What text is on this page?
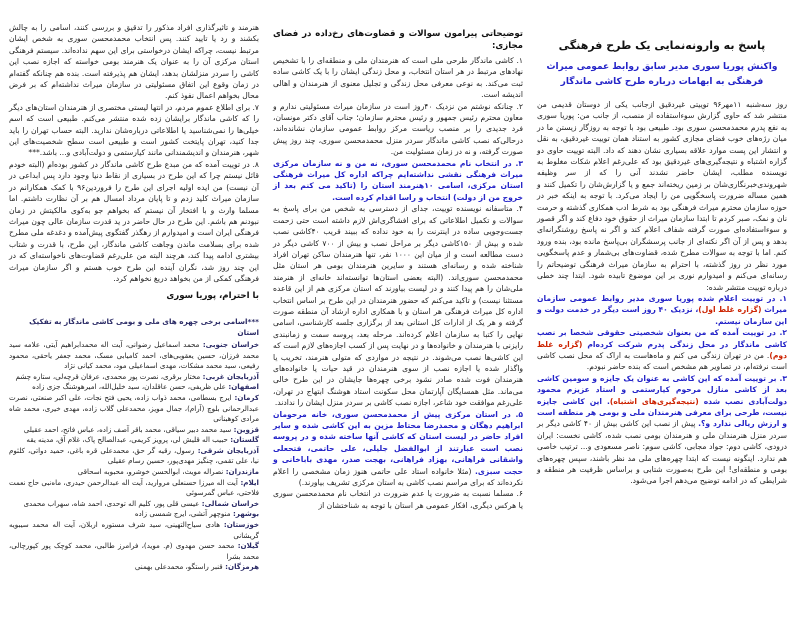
پاسخ به وارونه‌نمایی یک طرح فرهنگی
واکنش پوریا سوری مدیر سابق روابط عمومی میراث فرهنگی به ابهامات درباره طرح کاشی ماندگار
روز سه‌شنبه ۱۱مهر۹۶ توییتی غیردقیق ازجانب یکی از دوستان قدیمی من منتشر شد که حاوی گزارش سوءاستفاده از منصب، از جانب من: پوریا سوری به نفع پدرم محمدمحسن سوری بود. طبیعی بود با توجه به روزگار زیستن ما در میان رژه‌های خوب فضای مجازی کشور به استناد همان توییت غیردقیق، به نقل و انتشار این پست موارد علاقه بسیاری نشان دهند که داد. البته توییت حاوی دو گزاره اشتباه و نتیجه‌گیری‌های غیردقیق بود که علی‌رغم اعلام شکات مغلوط به نویسنده مطلب، ایشان حاضر نشدند آنی را که از سر وظیفه شهروندی‌خبرنگاری‌شان بر زمین ریخته‌اند جمع و یا گزارش‌شان را تکمیل کنند و همین مساله ضرورت پاسخگویی من را ایجاد می‌کرد. با توجه به اینکه خبر در حوزه سازمان محترم میراث فرهنگی بود به شرط ادب همکاری گذشته و حرمت نان و نمک، صبر کردم تا ابتدا سازمان میراث از حقوق خود دفاع کند و اگر قصور و سوءاستفاده‌ای صورت گرفته شفاف اعلام کند و اگر نه پاسخ روشنگرانه‌ای بدهد و پس از آن اگر نکته‌ای از جانب پرسشگران بی‌پاسخ مانده بود، بنده ورود کنم. اما با توجه به سوالات مطرح شده، قضاوت‌های بی‌شمار و عدم پاسخگویی مورد نظر در روز گذشته، با احترام به سازمان میراث فرهنگی توضیحاتم را رسانه‌ای می‌کنم و امیدوارم نوری بر این موضوع تابیده شود. ابتدا چند خطی درباره توییت منتشر شده:
۱. در توییت اعلام شده پوریا سوری مدیر روابط عمومی سازمان میراث (گزاره غلط اول)، نزدیک ۴۰ روز است دیگر در خدمت دولت و این سازمان نیستم.
۲. در توییت آمده که من بعنوان شخصیتی حقوقی شخصا بر نصب کاشی ماندگار در محل زندگی پدرم شرکت کرده‌ام (گزاره غلط دوم). من در تهران زندگی می کنم و ماه‌هاست به اراک که محل نصب کاشی است نرفته‌ام، در تصاویر هم مشخص است که بنده حاضر نبودم.
۳. بر توییت آمده که این کاشی به عنوان یک جایزه و سومین کاشی بعد از کاشی منازل مرحوم کیارستمی و استاد عزیزم محمود دولت‌آبادی نصب شده (نتیجه‌گیری‌های اشتباه). این کاشی جایزه نیست، طرحی برای معرفی هنرمندان ملی و بومی هر منطقه است و ارزش ریالی ندارد و؟. پیش از نصب این کاشی بیش از ۴۰ کاشی دیگر بر سردر منزل هنرمندان ملی و هنرمندان بومی نصب شده، کاشی نخست: ایران درودی، کاشی دوم: جواد مجابی، کاشی سوم: ناصر مسعودی و... ترتیب خاصی هم ندارد. اینگونه نیست که ابتدا چهره‌های ملی مد نظر باشند، سپس چهره‌های بومی و منطقه‌ای! این طرح به‌صورت شتابی و براساس ظرفیت هر منطقه و شرایطی که در ادامه توضیح می‌دهم اجرا می‌شود.
توضیحاتی پیرامون سوالات و قضاوت‌های رخ‌داده در فضای مجازی:
۱. کاشی ماندگار طرحی ملی است که هنرمندان ملی و منطقه‌ای را با تشخیص نهادهای مرتبط در هر استان انتخاب، و محل زندگی ایشان را با یک کاشی ساده ثبت می‌کند. به نوعی معرفی محل زندگی و تجلیل معنوی از هنرمندان و اهالی اندیشه است.
۲. چنانکه نوشتم من نزدیک ۴۰روز است در سازمان میراث مسئولیتی ندارم و معاون محترم رئیس جمهور و رئیس محترم سازمان؛ جناب آقای دکتر مونسان، فرد جدیدی را بر منصب ریاست مرکز روابط عمومی سازمان نشانده‌اند، درحالی‌که نصب کاشی ماندگار سردر منزل محمدمحسن سوری، چند روز پیش صورت گرفته، و نه در زمان مسئولیت من.
۳. در انتخاب نام محمدمحسن سوری، نه من و نه سازمان مرکزی میراث فرهنگی نقشی نداشته‌ایم چراکه اداره کل میراث فرهنگی استان مرکزی، اسامی ۱۰هنرمند استان را (تاکید می کنم بعد از خروج من از دولت) انتخاب و راسا اقدام کرده است.
۴. متاسفانه نویسنده توییت، جدای از دسترسی به شخص من برای پاسخ به سوالات و تکمیل اطلاعاتی که برای افشاگری‌اش لازم داشته است حتی زحمت جست‌وجویی ساده در اینترنت را به خود نداده که ببیند قریب ۴۰کاشی نصب شده و بیش از ۱۵۰کاشی دیگر بر مراحل نصب و بیش از ۷۰۰ کاشی دیگر در دست مطالعه است و از میان این ۱۰۰۰ نفر، تنها هنرمندان ساکن تهران افراد شناخته شده و رسانه‌ای هستند و سایرین هنرمندان بومی هر استان مثل محمدمحسن سوری‌اند. (البته بعضی استان‌ها توانسته‌اند خانه‌ای از هنرمند ملی‌شان را هم پیدا کنند و در لیست بیاورند که استان مرکزی هم از این قاعده مستثنا نیست) و تاکید می‌کنم که حضور هنرمندان در این طرح بر اساس انتخاب اداره کل میراث فرهنگی هر استان و با همکاری اداره ارشاد آن منطقه صورت گرفته و هر یک از ادارات کل استانی بعد از برگزاری جلسه کارشناسی، اسامی نهایی را کتبا به سازمان اعلام کرده‌اند. مرحله بعد، پروسه سمت و زمانبندی رایزنی با هنرمندان و خانواده‌ها و در نهایت پس از کسب اجازه‌های لازم است که این کاشی‌ها نصب می‌شوند. در نتیجه در مواردی که متولی هنرمند، تخریب یا واگذار شده یا اجازه نصب از سوی هنرمندان در قید حیات یا خانواده‌های هنرمندان فوت شده صادر نشود برخی چهره‌ها جایشان در این طرح خالی می‌ماند. مثل همسایگان آپارتمان محل سکونت استاد هوشنگ ابتهاج در تهران، علی‌رغم موافقت خود شاعر، اجازه نصب کاشی بر سردر منزل ایشان را ندادند.
۵. در استان مرکزی پیش از محمدمحسن سوری، خانه مرحومان ابراهیم دهگان و محمدرضا محتاط مزین به این کاشی شده و سایر افراد حاضر در لیست استان که کاشی آنها ساخته شده و در پروسه نصب است عبارتند از ابوالفضل جلیلی، علی حاتمی، فتحعلی واشقانی فراهانی، بهزاد فراهانی، بهجت صدر، مهدی باباخانی و حجت سبزی. (مثلا خانواده استاد علی حاتمی هنوز زمان مشخصی را اعلام نکرده‌اند که برای مراسم نصب کاشی به استان مرکزی تشریف بیاورند.)
۶. مسلما نسبت به ضرورت یا عدم ضرورت در انتخاب نام محمدمحسن سوری یا هرکس دیگری، افکار عمومی هر استان با توجه به شناختشان از
هنرمند و تاثیرگذاری افراد مذکور را تدقیق و بررسی کنند، اسامی را به چالش بکشند و رد یا تایید کنند. پس انتخاب محمدمحسن سوری به شخص ایشان مرتبط نیست، چراکه ایشان درخواستی برای این سهم نداده‌اند. سیستم فرهنگی استان مرکزی آن را به عنوان یک هنرمند بومی خواسته که اجازه نصب این کاشی را سردر منزلشان بدهد، ایشان هم پذیرفته است. بنده هم چنانکه گفته‌ام در زمان وقوع این اتفاق مسئولیتی در سازمان میراث نداشته‌ام که بر فرض محال بخواهم اعمال نفوذ کنم.
۷. برای اطلاع عموم مردم، در انتها لیستی مختصری از هنرمندان استان‌های دیگر را که کاشی ماندگار برایشان زده شده منتشر می‌کنم. طبیعی است که اسم خیلی‌ها را نمی‌شناسید یا اطلاعاتی درباره‌شان ندارید. البته حساب تهران را باید جدا کنید، تهران پایتخت کشور است و طبیعی است سطح شخصیت‌های این شهر، هنرمندان و اندیشمندانی مانند کیارستمی و دولت‌آبادی و... باشد.***
۸. در توییت آمده که من مبدع طرح کاشی ماندگار در کشور بوده‌ام (البته خودم قائل نیستم چرا که این طرح در بسیاری از نقاط دنیا وجود دارد پس ابداعی در آن نیست) من ایده اولیه اجرای این طرح را فروردین۹۶ با کمک همکارانم در سازمان میراث کلید زدم و تا پایان مرداد امسال هم بر آن نظارت داشتم. اما مسلما وارث و با افتخار آن نیستم که بخواهم جو به‌کوی مالکیتش در زمان نبودنم هم باشم. این طرح در حال حاضر در ید قدرت سازمان عالی چون میراث فرهنگی ایران است و امیدوارم از رهگذر گفتگوی پیش‌آمده و دغدغه ملی مطرح شده برای بسلامت ماندن وجاهت کاشی ماندگار، این طرح، با قدرت و شتاب بیشتری ادامه پیدا کند، هرچند البته من علی‌رغم قضاوت‌های ناخواسته‌ای که در این چند روز شد، نگران آینده این طرح خوب هستم و اگر سازمان میراث فرهنگی کمکی از من بخواهد دریغ نخواهم کرد.
با احترام، پوریا سوری
***اسامی برخی چهره های ملی و بومی کاشی ماندگار به تفکیک استان
خراسان جنوبی: محمد اسماعیل رضوانی، آیت اله محمدابراهیم آیتی، علامه سید محمد فرزان، حسین یعقوبی‌های، احمد کامیابی مسک، محمد جعفر یاحقی، محمود رفیعی، سید محمد مشکات، مهدی اسماعیلی مود، محمد کیانی نژاد
آذربایجان غربی: مختار برقری، نصرت پور محمدی، عرفان قرچه‌لی، ستاره چشم
اصفهان: علی ظریفی، حسن عاقلدان، سید خلیل‌الله، امیرهوشنگ جزی زاده
کرمان: ایرج بسطامی، محمد ذواب زاده، یحیی فتح نجات، علی اکبر صنعتی، نصرت عبدالرحمانی بلوچ (آرام)، جمال مویز، محمدعلی گلاب زاده، مهدی خیری، محمد شاه مرادی کوهبنانی
قزوین: سید محمد دبیر سیاقی، محمد باقر آصف زاده، عباس فاتح، احمد عقیلی
گلستان: حبیب اله قلیش لی، پرویز کریمی، عبدالصالح پاک، غلام آق، مدینه یقه
آذربایجان شرقی: رسول، رقیه گر حق، محمدعلی قره باغی، حمید دواتی، کلثوم نیا، علی تقمی، چنگیز مهدی‌پور، حسین رسام عقیلی
مازندران: نصراله مویث، ابوالحسن خوشرو، محبوبه اسحاقی
ایلام: آیت اله میرزا حسنعلی مروارید، آیت اله عبدالرحمن حیدری، ماه‌نبی حاج نعمت فلاحتی، عباس گمرسوئی
خراسان شمالی: عیسی قلی پور، کلیم اله توحدی، احمد شاه، سهراب محمدی
بوشهر: منوچهر آتشی، ایرج شمسی زاده
خوزستان: هادی سیاح‌التهینی، سید شرف مستوره اربلان، آیت اله محمد سیبویه گریشانی
گیلان: محمد حسن مهدوی (م. موید)، فرامرز طالبی، محمد کوچک پور کپورچالی، محمد بشرا
هرمزگان: قنبر راستگو، محمدعلی بهمنی
